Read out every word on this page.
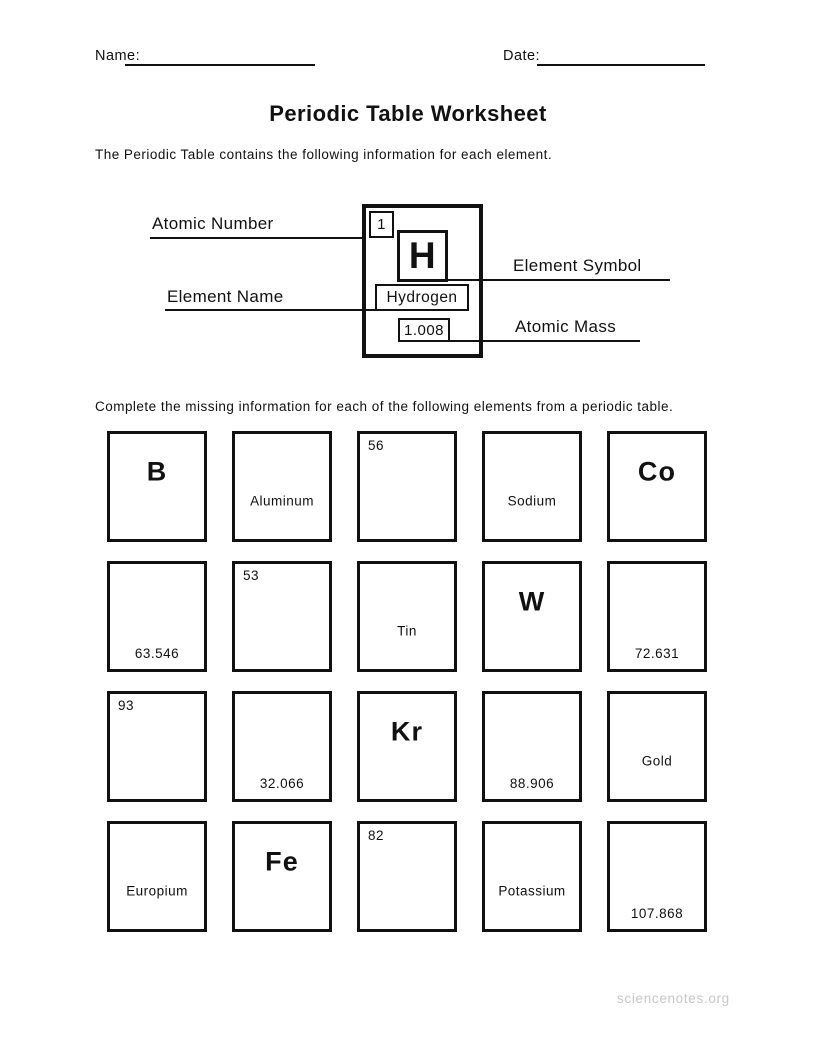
Name:	Date:
Periodic Table Worksheet

The Periodic Table contains the following information for each element.

Atomic Number
Element Symbol
Element Name
Atomic Mass
1
H
Hydrogen
1.008

Complete the missing information for each of the following elements from a periodic table.

B
Aluminum
56
Sodium
Co
63.546
53
Tin
W
72.631
93
32.066
Kr
88.906
Gold
Europium
Fe
82
Potassium
107.868
sciencenotes.org
